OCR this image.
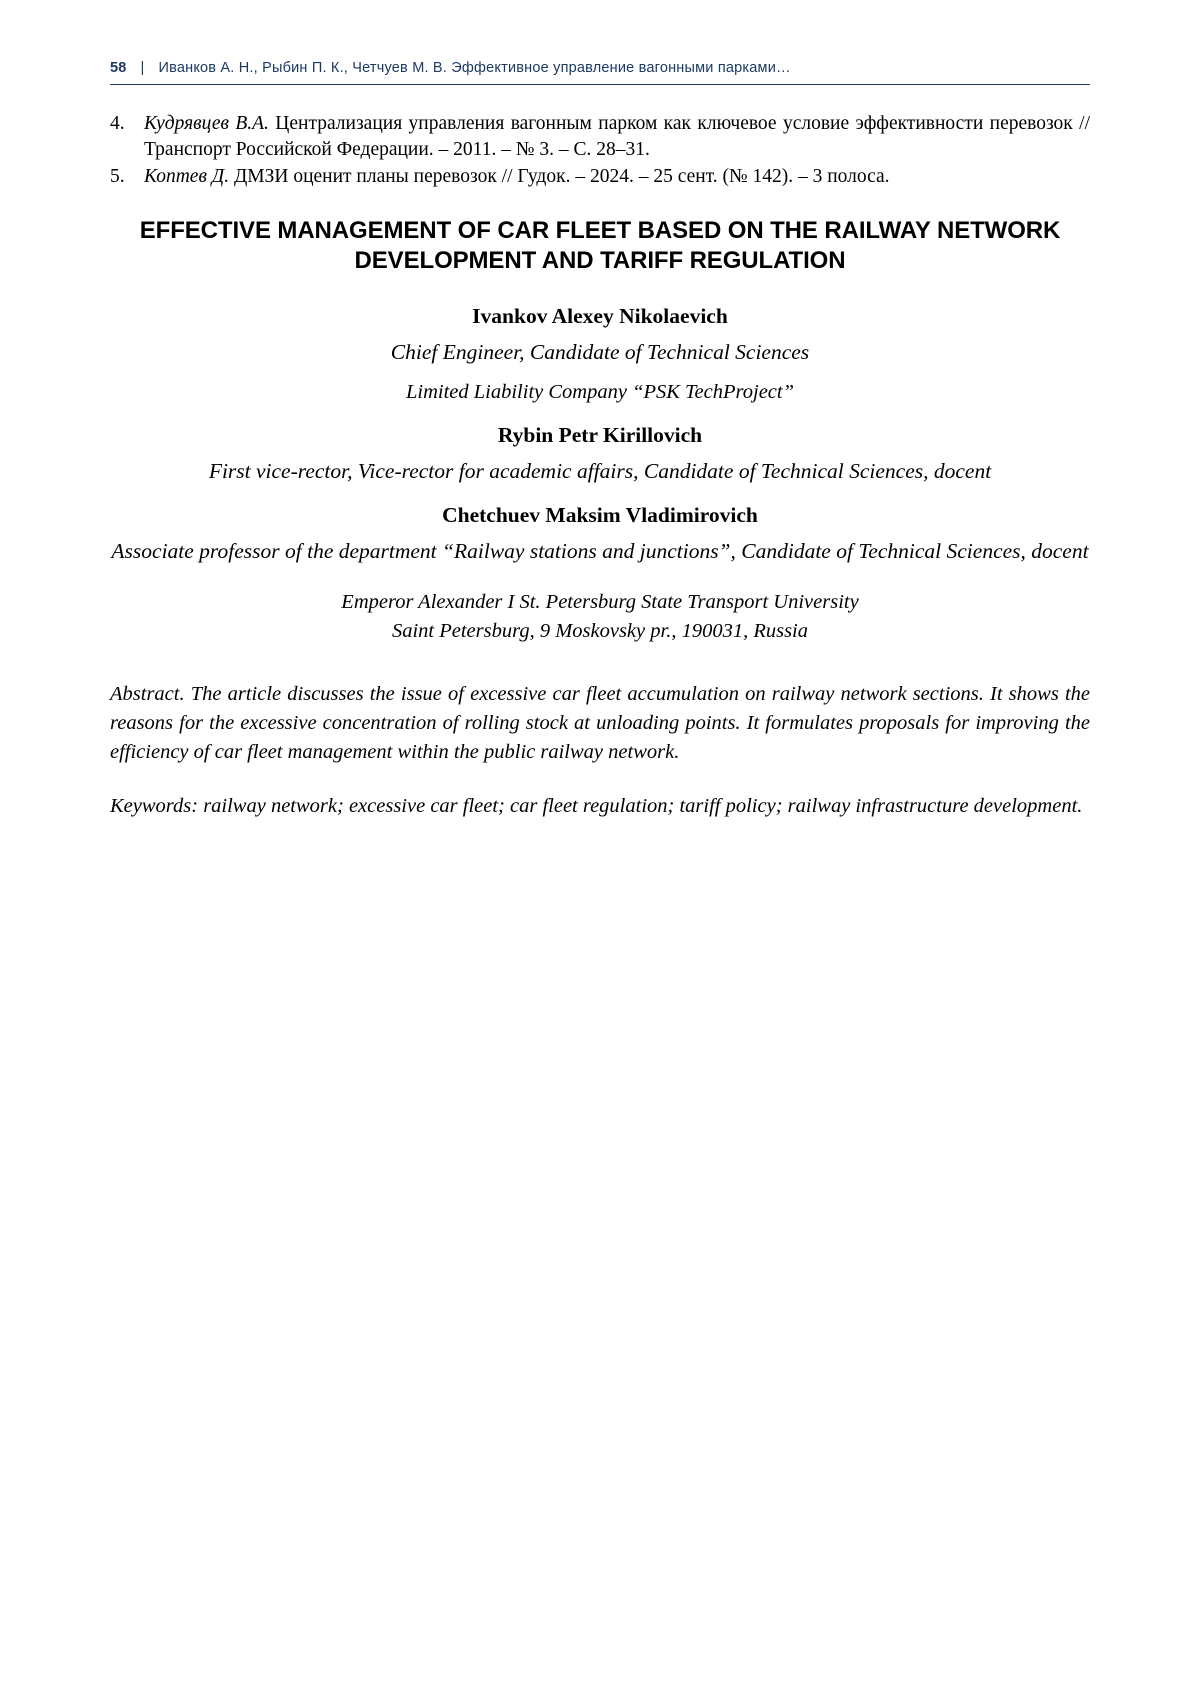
58 | Иванков А. Н., Рыбин П. К., Четчуев М. В. Эффективное управление вагонными парками…
4. Кудрявцев В.А. Централизация управления вагонным парком как ключевое условие эффективности перевозок // Транспорт Российской Федерации. – 2011. – № 3. – С. 28–31.
5. Коптев Д. ДМЗИ оценит планы перевозок // Гудок. – 2024. – 25 сент. (№ 142). – 3 полоса.
EFFECTIVE MANAGEMENT OF CAR FLEET BASED ON THE RAILWAY NETWORK DEVELOPMENT AND TARIFF REGULATION
Ivankov Alexey Nikolaevich
Chief Engineer, Candidate of Technical Sciences
Limited Liability Company “PSK TechProject”
Rybin Petr Kirillovich
First vice-rector, Vice-rector for academic affairs, Candidate of Technical Sciences, docent
Chetchuev Maksim Vladimirovich
Associate professor of the department “Railway stations and junctions”, Candidate of Technical Sciences, docent
Emperor Alexander I St. Petersburg State Transport University
Saint Petersburg, 9 Moskovsky pr., 190031, Russia

Abstract. The article discusses the issue of excessive car fleet accumulation on railway network sections. It shows the reasons for the excessive concentration of rolling stock at unloading points. It formulates proposals for improving the efficiency of car fleet management within the public railway network.

Keywords: railway network; excessive car fleet; car fleet regulation; tariff policy; railway infrastructure development.
